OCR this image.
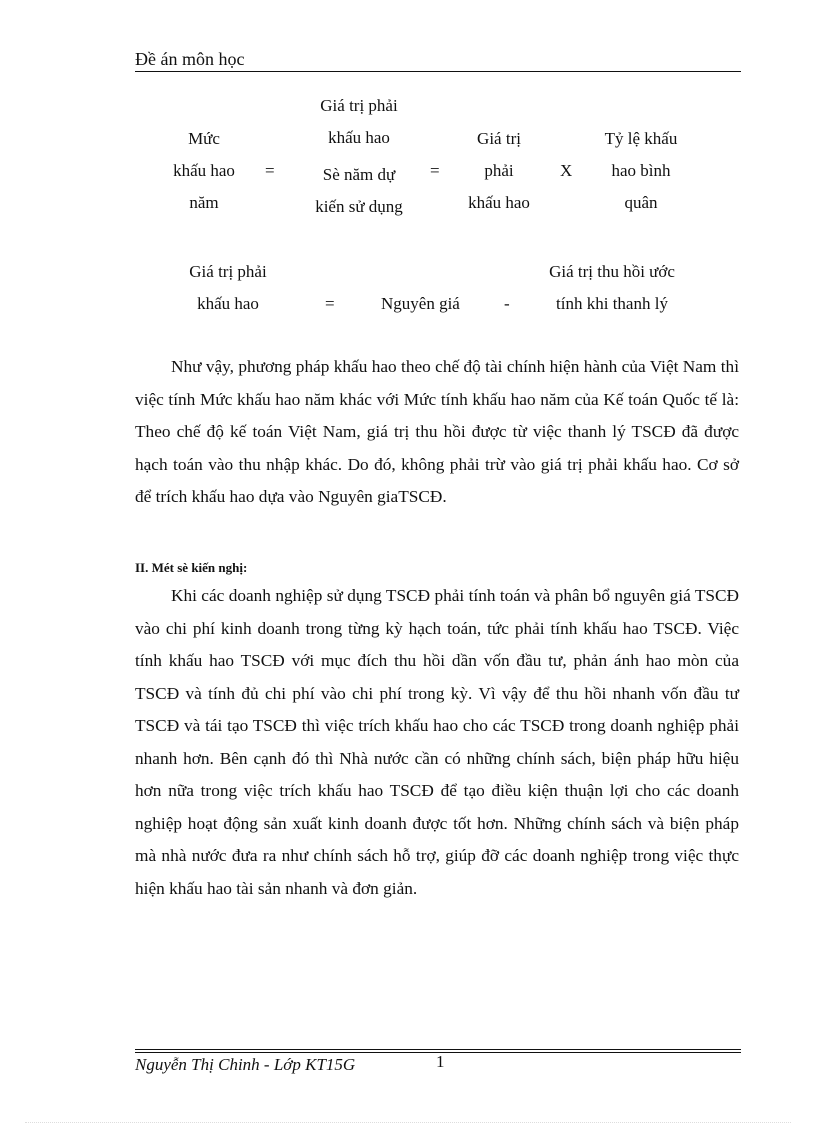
Đề án môn học
Mức
khấu hao
năm
=
Giá trị phải
khấu hao
Sè năm dự
kiến sử dụng
=
Giá trị
phải
khấu hao
X
Tỷ lệ khấu
hao bình
quân
Giá trị phải
khấu hao	=	Nguyên giá	-
Giá trị thu hồi ước
tính khi thanh lý

Như vậy, phương pháp khấu hao theo chế độ tài chính hiện hành của Việt Nam thì việc tính Mức khấu hao năm khác với Mức tính khấu hao năm của Kế toán Quốc tế là: Theo chế độ kế toán Việt Nam, giá trị thu hồi được từ việc thanh lý TSCĐ đã được hạch toán vào thu nhập khác. Do đó, không phải trừ vào giá trị phải khấu hao. Cơ sở để trích khấu hao dựa vào Nguyên giaTSCĐ.

II. Mét sè kiến nghị:

Khi các doanh nghiệp sử dụng TSCĐ phải tính toán và phân bổ nguyên giá TSCĐ vào chi phí kinh doanh trong từng kỳ hạch toán, tức phải tính khấu hao TSCĐ. Việc tính khấu hao TSCĐ với mục đích thu hồi dần vốn đầu tư, phản ánh hao mòn của TSCĐ và tính đủ chi phí vào chi phí trong kỳ. Vì vậy để thu hồi nhanh vốn đầu tư TSCĐ và tái tạo TSCĐ thì việc trích khấu hao cho các TSCĐ trong doanh nghiệp phải nhanh hơn. Bên cạnh đó thì Nhà nước cần có những chính sách, biện pháp hữu hiệu hơn nữa trong việc trích khấu hao TSCĐ để tạo điều kiện thuận lợi cho các doanh nghiệp hoạt động sản xuất kinh doanh được tốt hơn. Những chính sách và biện pháp mà nhà nước đưa ra như chính sách hỗ trợ, giúp đỡ các doanh nghiệp trong việc thực hiện khấu hao tài sản nhanh và đơn giản.

Nguyễn Thị Chinh - Lớp KT15G	1
